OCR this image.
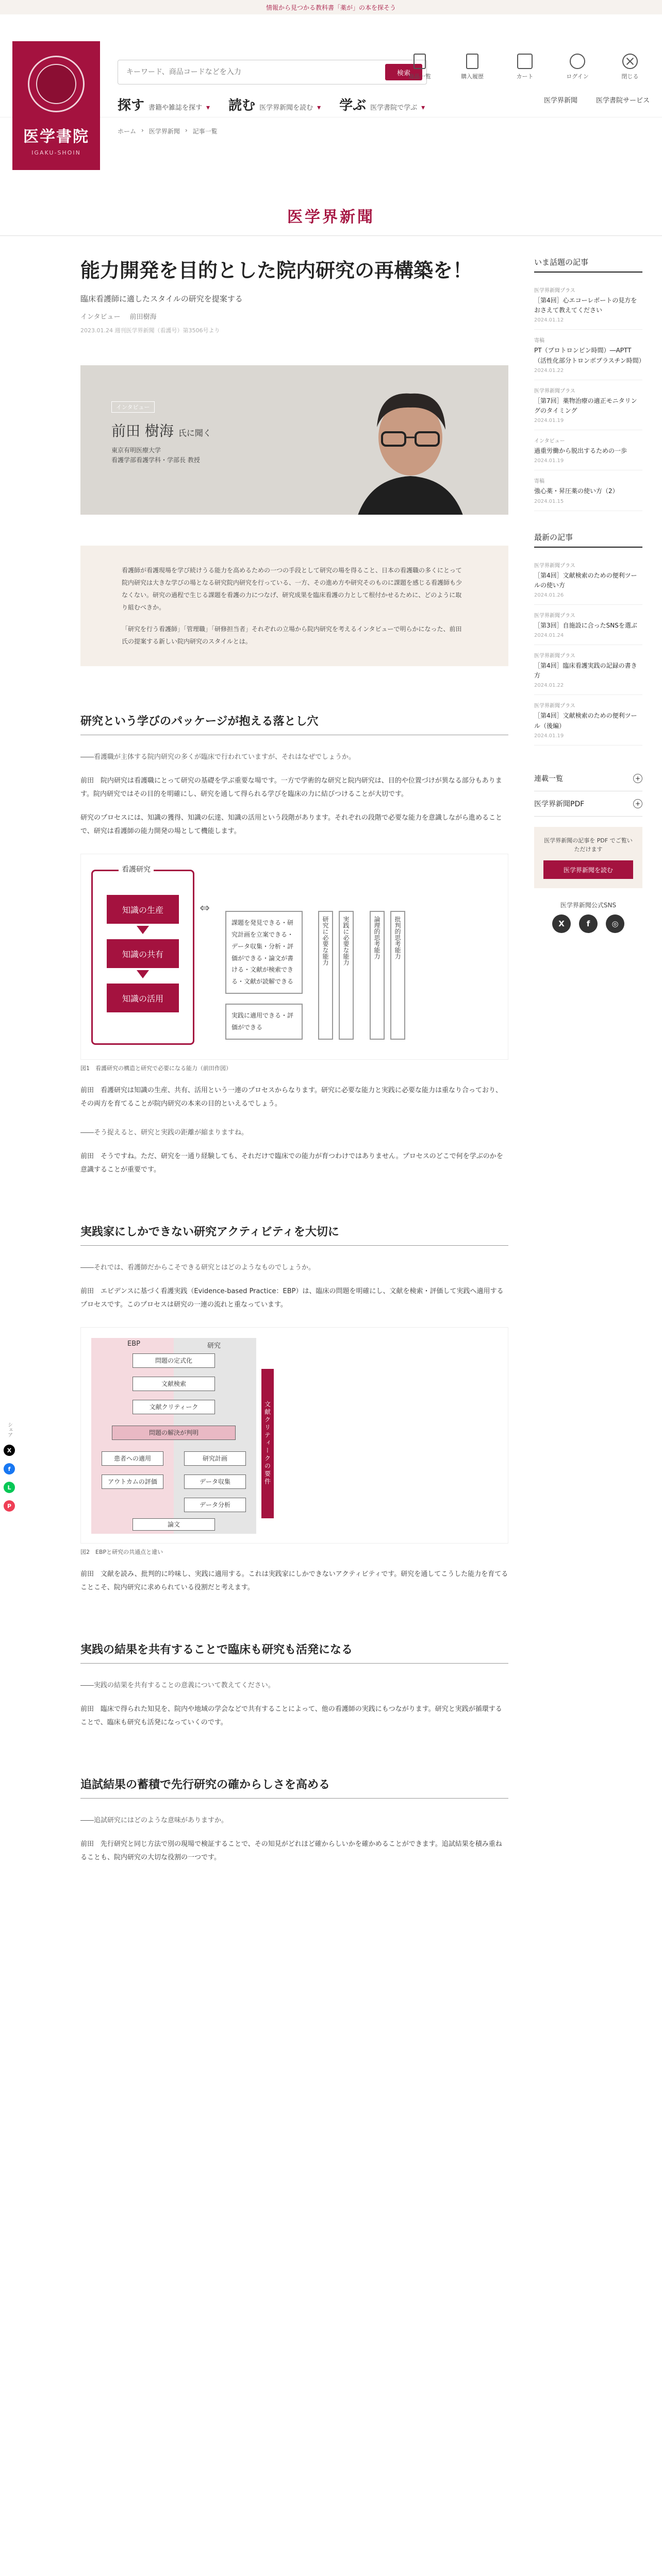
情報から見つかる教科書「薬が」の本を探そう
医学書院
IGAKU-SHOIN
キーワード、商品コードなどを入力
検索
商品一覧	購入履歴	カート	ログイン	閉じる
探す 書籍や雑誌を探す ▾ 読む 医学界新聞を読む ▾ 学ぶ 医学書院で学ぶ ▾
医学界新聞	医学書院サービス
ホーム › 医学界新聞 › 記事一覧
医学界新聞
シェア
X
f
L
P
能力開発を目的とした院内研究の再構築を！
臨床看護師に適したスタイルの研究を提案する
インタビュー 前田樹海
2023.01.24 週刊医学界新聞（看護号）第3506号より
インタビュー
前田 樹海 氏に聞く
東京有明医療大学
看護学部看護学科・学部長 教授

看護師が看護現場を学び続けうる能力を高めるための一つの手段として研究の場を得ること、日本の看護職の多くにとって院内研究は大きな学びの場となる研究院内研究を行っている、一方、その進め方や研究そのものに課題を感じる看護師も少なくない。研究の過程で生じる課題を看護の力につなげ、研究成果を臨床看護の力として根付かせるために、どのように取り組むべきか。

「研究を行う看護師」「管理職」「研修担当者」それぞれの立場から院内研究を考えるインタビューで明らかになった、前田氏の提案する新しい院内研究のスタイルとは。

研究という学びのパッケージが抱える落とし穴

――看護職が主体する院内研究の多くが臨床で行われていますが、それはなぜでしょうか。

前田　院内研究は看護職にとって研究の基礎を学ぶ重要な場です。一方で学術的な研究と院内研究は、目的や位置づけが異なる部分もあります。院内研究ではその目的を明確にし、研究を通して得られる学びを臨床の力に結びつけることが大切です。

研究のプロセスには、知識の獲得、知識の伝達、知識の活用という段階があります。それぞれの段階で必要な能力を意識しながら進めることで、研究は看護師の能力開発の場として機能します。

看護研究
知識の生産
知識の共有
知識の活用
⇔
課題を発見できる・研究計画を立案できる・データ収集・分析・評価ができる・論文が書ける・文献が検索できる・文献が読解できる
実践に適用できる・評価ができる
研究に必要な能力	実践に必要な能力	論理的思考能力	批判的思考能力
図1　看護研究の構造と研究で必要になる能力（前田作図）

前田　看護研究は知識の生産、共有、活用という一連のプロセスからなります。研究に必要な能力と実践に必要な能力は重なり合っており、その両方を育てることが院内研究の本来の目的といえるでしょう。

――そう捉えると、研究と実践の距離が縮まりますね。

前田　そうですね。ただ、研究を一通り経験しても、それだけで臨床での能力が育つわけではありません。プロセスのどこで何を学ぶのかを意識することが重要です。

実践家にしかできない研究アクティビティを大切に

――それでは、看護師だからこそできる研究とはどのようなものでしょうか。

前田　エビデンスに基づく看護実践（Evidence-based Practice：EBP）は、臨床の問題を明確にし、文献を検索・評価して実践へ適用するプロセスです。このプロセスは研究の一連の流れと重なっています。

EBP	研究
問題の定式化
文献検索
文献クリティーク
問題の解決が判明
患者への適用
アウトカムの評価
研究計画
データ収集
データ分析
論文
文献クリティークの要件
図2　EBPと研究の共通点と違い

前田　文献を読み、批判的に吟味し、実践に適用する。これは実践家にしかできないアクティビティです。研究を通してこうした能力を育てることこそ、院内研究に求められている役割だと考えます。

実践の結果を共有することで臨床も研究も活発になる

――実践の結果を共有することの意義について教えてください。

前田　臨床で得られた知見を、院内や地域の学会などで共有することによって、他の看護師の実践にもつながります。研究と実践が循環することで、臨床も研究も活発になっていくのです。

追試結果の蓄積で先行研究の確からしさを高める

――追試研究にはどのような意味がありますか。

前田　先行研究と同じ方法で別の現場で検証することで、その知見がどれほど確からしいかを確かめることができます。追試結果を積み重ねることも、院内研究の大切な役割の一つです。

いま話題の記事
医学界新聞プラス
［第4回］心エコーレポートの見方をおさえて教えてください
2024.01.12
寄稿
PT（プロトロンビン時間）―APTT（活性化部分トロンボプラスチン時間）
2024.01.22
医学界新聞プラス
［第7回］薬物治療の適正モニタリングのタイミング
2024.01.19
インタビュー
過重労働から脱出するための一歩
2024.01.19
寄稿
強心薬・昇圧薬の使い方（2）
2024.01.15
最新の記事
医学界新聞プラス
［第4回］文献検索のための便利ツールの使い方
2024.01.26
医学界新聞プラス
［第3回］自施設に合ったSNSを選ぶ
2024.01.24
医学界新聞プラス
［第4回］臨床看護実践の記録の書き方
2024.01.22
医学界新聞プラス
［第4回］文献検索のための便利ツール（後編）
2024.01.19
連載一覧	+
医学界新聞PDF	+

医学界新聞の記事を PDF でご覧いただけます

医学界新聞を読む
医学界新聞公式SNS
X	f	◎
